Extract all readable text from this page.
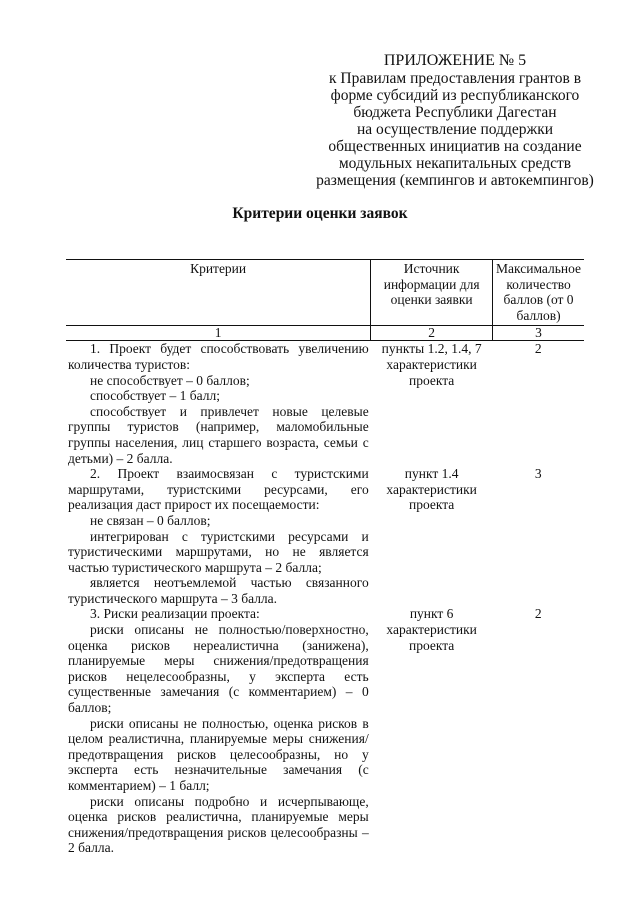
ПРИЛОЖЕНИЕ № 5
к Правилам предоставления грантов в
форме субсидий из республиканского
бюджета Республики Дагестан
на осуществление поддержки
общественных инициатив на создание
модульных некапитальных средств
размещения (кемпингов и автокемпингов)
Критерии оценки заявок
Критерии	Источник информации для оценки заявки	Максимальное количество баллов (от 0 баллов)
1	2	3

1. Проект будет способствовать увеличению количества туристов:

не способствует – 0 баллов;

способствует – 1 балл;

способствует и привлечет новые целевые группы туристов (например, маломобильные группы населения, лиц старшего возраста, семьи с детьми) – 2 балла.	пункты 1.2, 1.4, 7 характеристики проекта	2

2. Проект взаимосвязан с туристскими маршрутами, туристскими ресурсами, его реализация даст прирост их посещаемости:

не связан – 0 баллов;

интегрирован с туристскими ресурсами и туристическими маршрутами, но не является частью туристического маршрута – 2 балла;

является неотъемлемой частью связанного туристического маршрута – 3 балла.	пункт 1.4 характеристики проекта	3

3. Риски реализации проекта:

риски описаны не полностью/поверхностно, оценка рисков нереалистична (занижена), планируемые меры снижения/предотвращения рисков нецелесообразны, у эксперта есть существенные замечания (с комментарием) – 0 баллов;

риски описаны не полностью, оценка рисков в целом реалистична, планируемые меры снижения/предотвращения рисков целесообразны, но у эксперта есть незначительные замечания (с комментарием) – 1 балл;

риски описаны подробно и исчерпывающе, оценка рисков реалистична, планируемые меры снижения/предотвращения рисков целесообразны – 2 балла.	пункт 6 характеристики проекта	2
